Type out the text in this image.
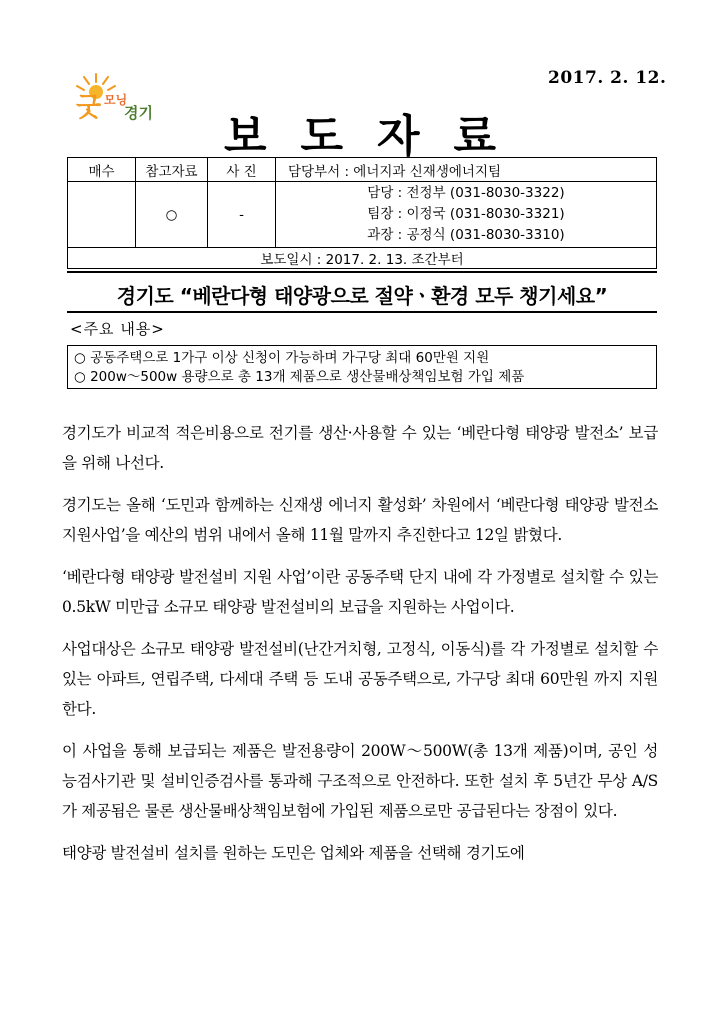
굿 모닝
경기
2017. 2. 12.
보도자료
매수	참고자료	사 진	담당부서 : 에너지과 신재생에너지팀
	○	-	담당 : 전정부 (031-8030-3322)
팀장 : 이정국 (031-8030-3321)
과장 : 공정식 (031-8030-3310)

보도일시 : 2017. 2. 13. 조간부터			
경기도 “베란다형 태양광으로 절약ㆍ환경 모두 챙기세요”
<주요 내용>
○ 공동주택으로 1가구 이상 신청이 가능하며 가구당 최대 60만원 지원
○ 200w～500w 용량으로 총 13개 제품으로 생산물배상책임보험 가입 제품

경기도가 비교적 적은비용으로 전기를 생산·사용할 수 있는 ‘베란다형 태양광 발전소’ 보급을 위해 나선다.

경기도는 올해 ‘도민과 함께하는 신재생 에너지 활성화’ 차원에서 ‘베란다형 태양광 발전소 지원사업’을 예산의 범위 내에서 올해 11월 말까지 추진한다고 12일 밝혔다.

‘베란다형 태양광 발전설비 지원 사업’이란 공동주택 단지 내에 각 가정별로 설치할 수 있는 0.5kW 미만급 소규모 태양광 발전설비의 보급을 지원하는 사업이다.

사업대상은 소규모 태양광 발전설비(난간거치형, 고정식, 이동식)를 각 가정별로 설치할 수 있는 아파트, 연립주택, 다세대 주택 등 도내 공동주택으로, 가구당 최대 60만원 까지 지원한다.

이 사업을 통해 보급되는 제품은 발전용량이 200W～500W(총 13개 제품)이며, 공인 성능검사기관 및 설비인증검사를 통과해 구조적으로 안전하다. 또한 설치 후 5년간 무상 A/S가 제공됨은 물론 생산물배상책임보험에 가입된 제품으로만 공급된다는 장점이 있다.

태양광 발전설비 설치를 원하는 도민은 업체와 제품을 선택해 경기도에
